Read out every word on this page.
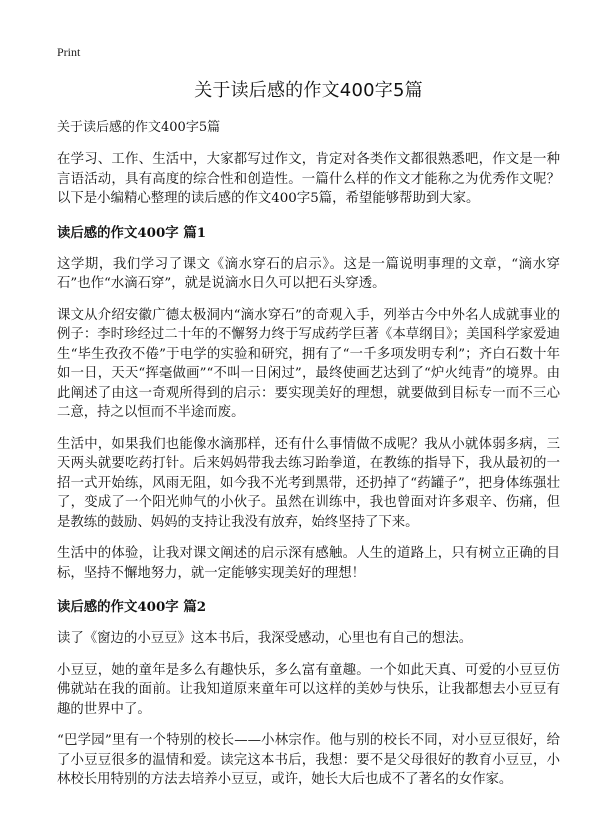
Print
关于读后感的作文400字5篇
关于读后感的作文400字5篇

在学习、工作、生活中，大家都写过作文，肯定对各类作文都很熟悉吧，作文是一种言语活动，具有高度的综合性和创造性。一篇什么样的作文才能称之为优秀作文呢？以下是小编精心整理的读后感的作文400字5篇，希望能够帮助到大家。

读后感的作文400字 篇1

这学期，我们学习了课文《滴水穿石的启示》。这是一篇说明事理的文章，“滴水穿石”也作“水滴石穿”，就是说滴水日久可以把石头穿透。

课文从介绍安徽广德太极洞内“滴水穿石”的奇观入手，列举古今中外名人成就事业的例子：李时珍经过二十年的不懈努力终于写成药学巨著《本草纲目》；美国科学家爱迪生“毕生孜孜不倦”于电学的实验和研究，拥有了“一千多项发明专利”；齐白石数十年如一日，天天“挥毫做画”“不叫一日闲过”，最终使画艺达到了“炉火纯青”的境界。由此阐述了由这一奇观所得到的启示：要实现美好的理想，就要做到目标专一而不三心二意，持之以恒而不半途而废。

生活中，如果我们也能像水滴那样，还有什么事情做不成呢？我从小就体弱多病，三天两头就要吃药打针。后来妈妈带我去练习跆拳道，在教练的指导下，我从最初的一招一式开始练，风雨无阻，如今我不光考到黑带，还扔掉了“药罐子”，把身体练强壮了，变成了一个阳光帅气的小伙子。虽然在训练中，我也曾面对许多艰辛、伤痛，但是教练的鼓励、妈妈的支持让我没有放弃，始终坚持了下来。

生活中的体验，让我对课文阐述的启示深有感触。人生的道路上，只有树立正确的目标，坚持不懈地努力，就一定能够实现美好的理想！

读后感的作文400字 篇2

读了《窗边的小豆豆》这本书后，我深受感动，心里也有自己的想法。

小豆豆，她的童年是多么有趣快乐，多么富有童趣。一个如此天真、可爱的小豆豆仿佛就站在我的面前。让我知道原来童年可以这样的美妙与快乐，让我都想去小豆豆有趣的世界中了。

“巴学园”里有一个特别的校长——小林宗作。他与别的校长不同，对小豆豆很好，给了小豆豆很多的温情和爱。读完这本书后，我想：要不是父母很好的教育小豆豆，小林校长用特别的方法去培养小豆豆，或许，她长大后也成不了著名的女作家。
